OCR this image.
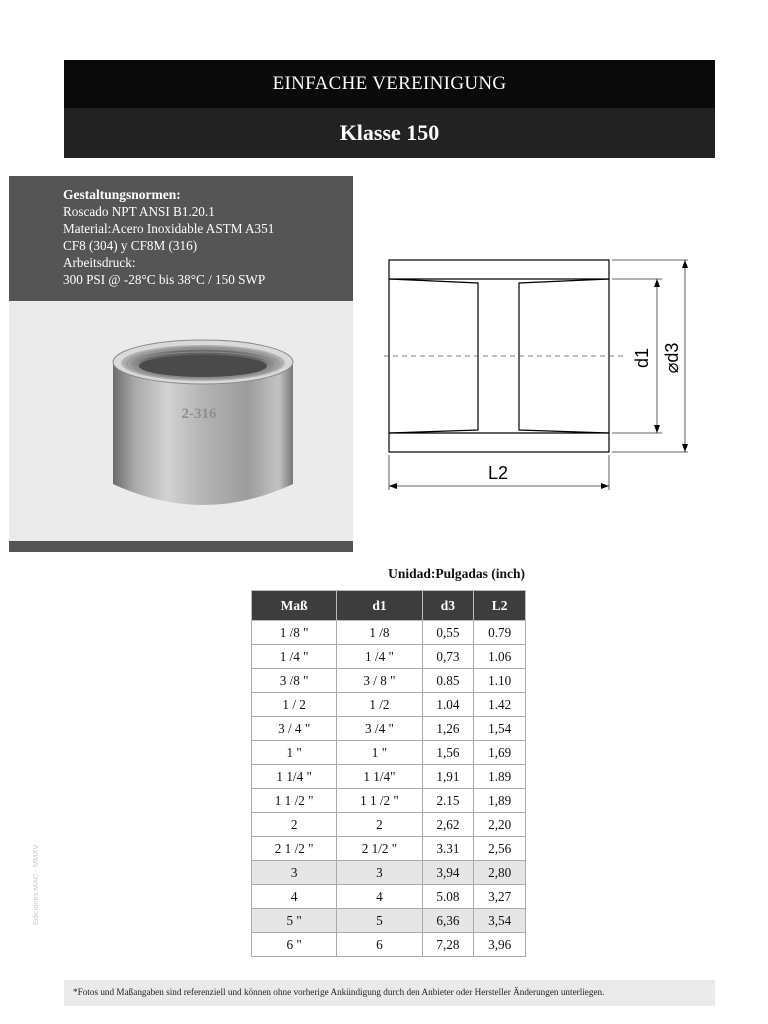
EINFACHE VEREINIGUNG
Klasse 150
Gestaltungsnormen:
Roscado NPT ANSI B1.20.1
Material:Acero Inoxidable ASTM A351
CF8 (304) y CF8M (316)
Arbeitsdruck:
300 PSI @ -28°C bis 38°C / 150 SWP
2-316
d1 ⌀d3
L2
Unidad:Pulgadas (inch)
Maß	d1	d3	L2
1 /8 "	1 /8	0,55	0.79
1 /4 "	1 /4 "	0,73	1.06
3 /8 "	3 / 8 "	0.85	1.10
1 / 2	1 /2	1.04	1.42
3 / 4 "	3 /4 "	1,26	1,54
1 "	1 "	1,56	1,69
1 1/4 "	1 1/4"	1,91	1.89
1 1 /2 "	1 1 /2 "	2.15	1,89
2	2	2,62	2,20
2 1 /2 "	2 1/2 "	3.31	2,56
3	3	3,94	2,80
4	4	5.08	3,27
5 "	5	6,36	3,54
6 "	6	7,28	3,96
Ediciones MAC - MMXV
*Fotos und Maßangaben sind referenziell und können ohne vorherige Ankündigung durch den Anbieter oder Hersteller Änderungen unterliegen.
